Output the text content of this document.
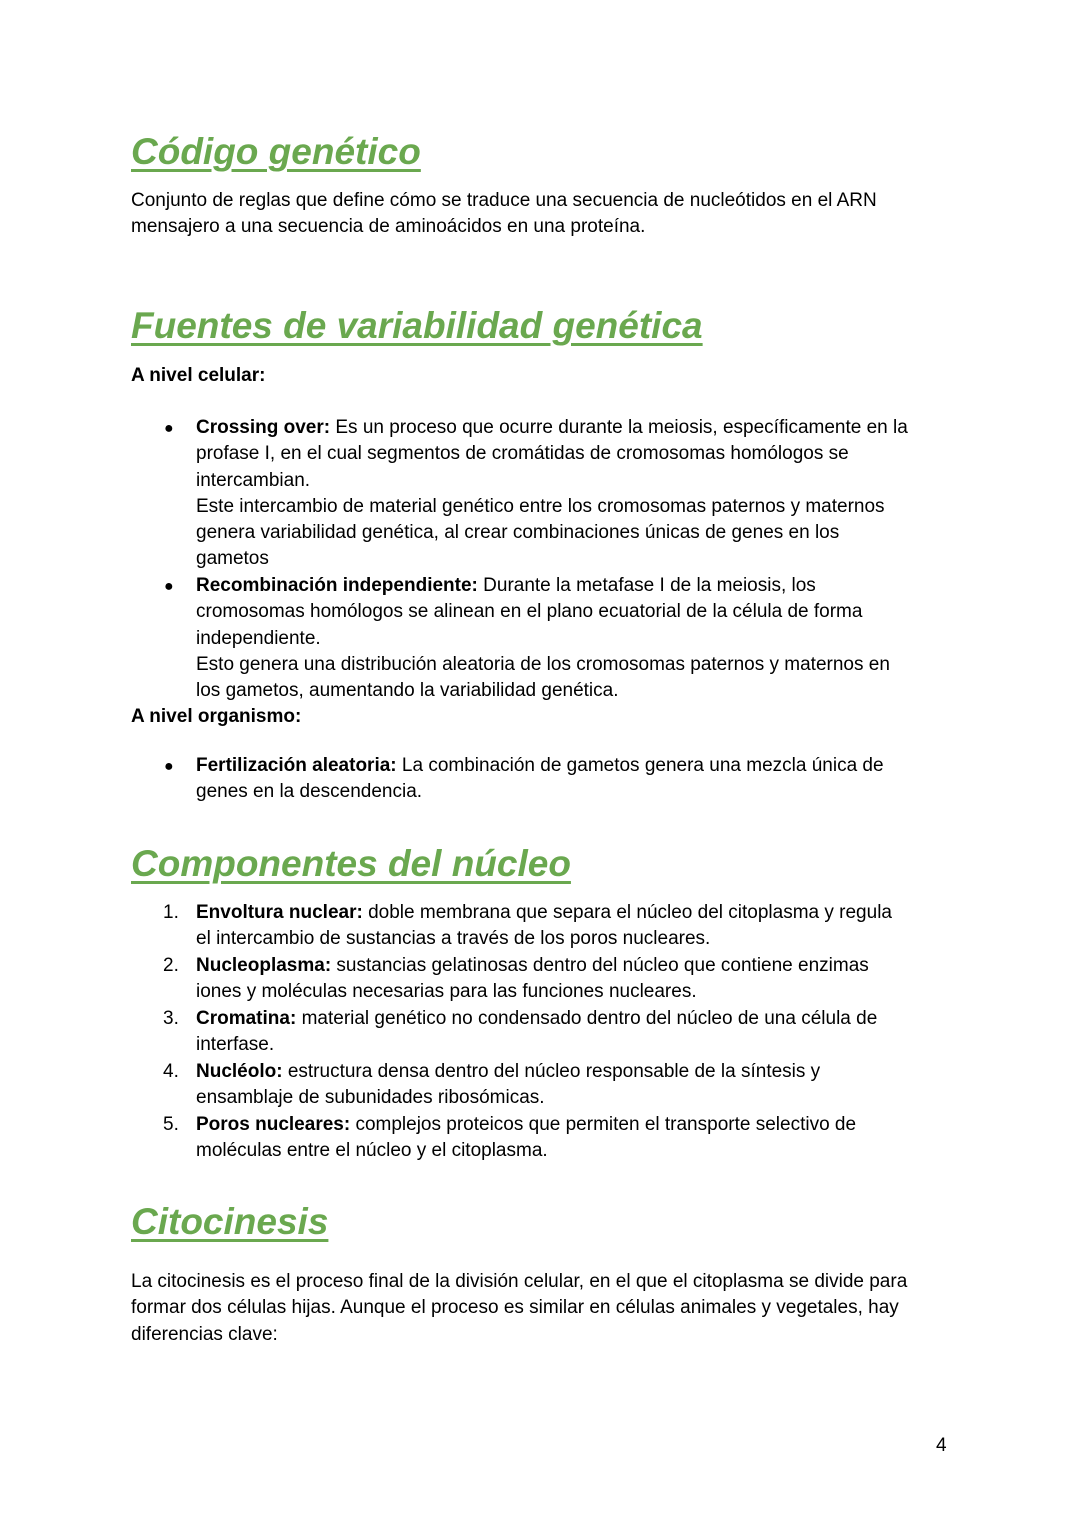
Código genético
Conjunto de reglas que define cómo se traduce una secuencia de nucleótidos en el ARN
mensajero a una secuencia de aminoácidos en una proteína.
Fuentes de variabilidad genética
A nivel celular:
● Crossing over: Es un proceso que ocurre durante la meiosis, específicamente en la
profase I, en el cual segmentos de cromátidas de cromosomas homólogos se
intercambian.
Este intercambio de material genético entre los cromosomas paternos y maternos
genera variabilidad genética, al crear combinaciones únicas de genes en los
gametos
● Recombinación independiente: Durante la metafase I de la meiosis, los
cromosomas homólogos se alinean en el plano ecuatorial de la célula de forma
independiente.
Esto genera una distribución aleatoria de los cromosomas paternos y maternos en
los gametos, aumentando la variabilidad genética.
A nivel organismo:
● Fertilización aleatoria: La combinación de gametos genera una mezcla única de
genes en la descendencia.
Componentes del núcleo
1. Envoltura nuclear: doble membrana que separa el núcleo del citoplasma y regula
el intercambio de sustancias a través de los poros nucleares.
2. Nucleoplasma: sustancias gelatinosas dentro del núcleo que contiene enzimas
iones y moléculas necesarias para las funciones nucleares.
3. Cromatina: material genético no condensado dentro del núcleo de una célula de
interfase.
4. Nucléolo: estructura densa dentro del núcleo responsable de la síntesis y
ensamblaje de subunidades ribosómicas.
5. Poros nucleares: complejos proteicos que permiten el transporte selectivo de
moléculas entre el núcleo y el citoplasma.
Citocinesis
La citocinesis es el proceso final de la división celular, en el que el citoplasma se divide para
formar dos células hijas. Aunque el proceso es similar en células animales y vegetales, hay
diferencias clave:
4
